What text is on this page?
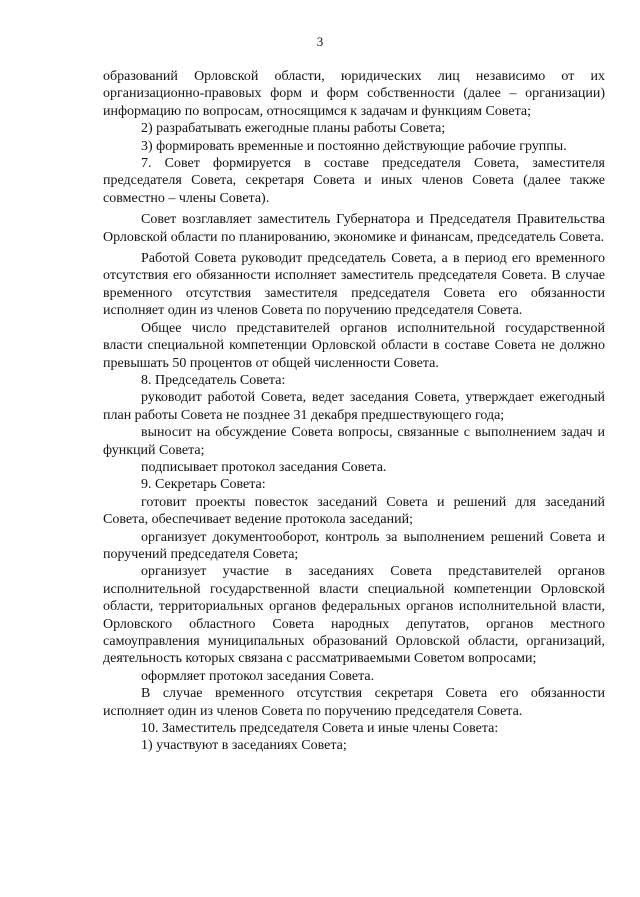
3

образований Орловской области, юридических лиц независимо от их организационно-правовых форм и форм собственности (далее – организации) информацию по вопросам, относящимся к задачам и функциям Совета;

2) разрабатывать ежегодные планы работы Совета;

3) формировать временные и постоянно действующие рабочие группы.

7. Совет формируется в составе председателя Совета, заместителя председателя Совета, секретаря Совета и иных членов Совета (далее также совместно – члены Совета).

Совет возглавляет заместитель Губернатора и Председателя Правительства Орловской области по планированию, экономике и финансам, председатель Совета.

Работой Совета руководит председатель Совета, а в период его временного отсутствия его обязанности исполняет заместитель председателя Совета. В случае временного отсутствия заместителя председателя Совета его обязанности исполняет один из членов Совета по поручению председателя Совета.

Общее число представителей органов исполнительной государственной власти специальной компетенции Орловской области в составе Совета не должно превышать 50 процентов от общей численности Совета.

8. Председатель Совета:

руководит работой Совета, ведет заседания Совета, утверждает ежегодный план работы Совета не позднее 31 декабря предшествующего года;

выносит на обсуждение Совета вопросы, связанные с выполнением задач и функций Совета;

подписывает протокол заседания Совета.

9. Секретарь Совета:

готовит проекты повесток заседаний Совета и решений для заседаний Совета, обеспечивает ведение протокола заседаний;

организует документооборот, контроль за выполнением решений Совета и поручений председателя Совета;

организует участие в заседаниях Совета представителей органов исполнительной государственной власти специальной компетенции Орловской области, территориальных органов федеральных органов исполнительной власти, Орловского областного Совета народных депутатов, органов местного самоуправления муниципальных образований Орловской области, организаций, деятельность которых связана с рассматриваемыми Советом вопросами;

оформляет протокол заседания Совета.

В случае временного отсутствия секретаря Совета его обязанности исполняет один из членов Совета по поручению председателя Совета.

10. Заместитель председателя Совета и иные члены Совета:

1) участвуют в заседаниях Совета;
